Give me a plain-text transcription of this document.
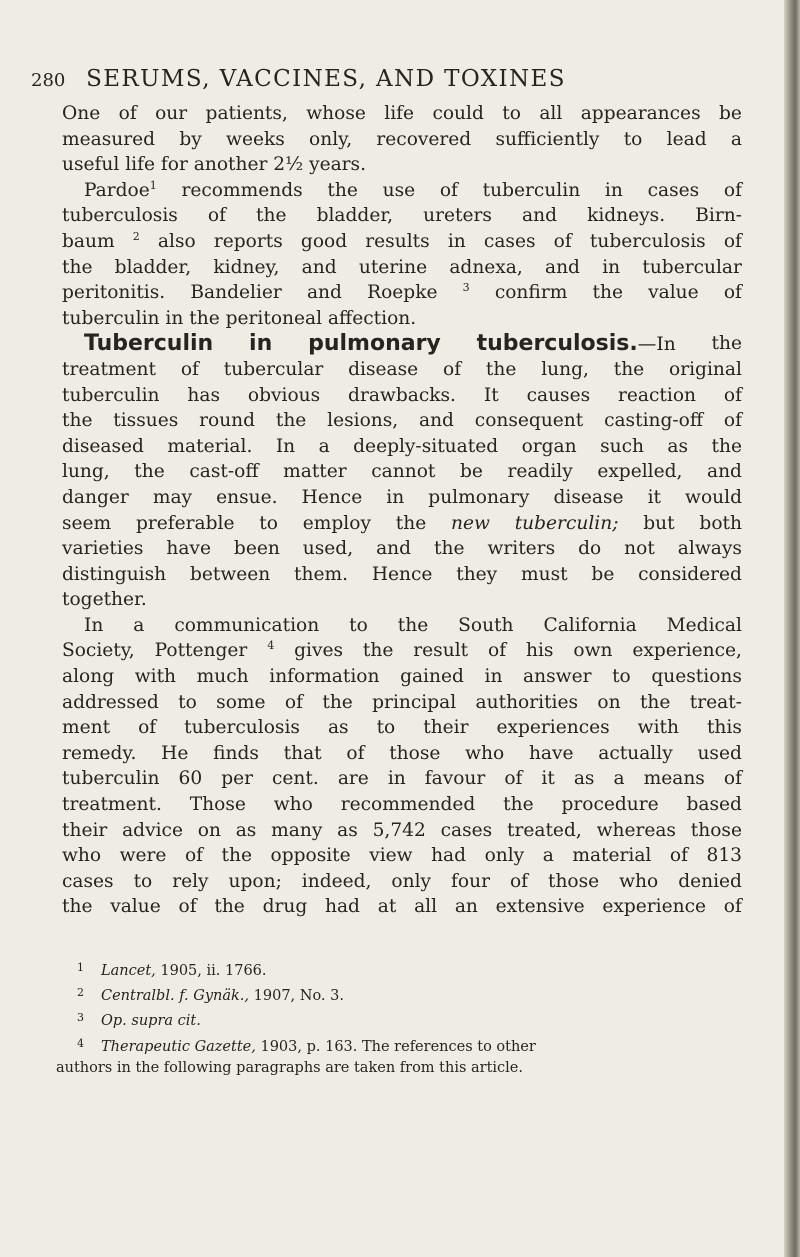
280 SERUMS, VACCINES, AND TOXINES
One of our patients, whose life could to all appearances be
measured by weeks only, recovered sufficiently to lead a
useful life for another 2½ years.
Pardoe$^1$ recommends the use of tuberculin in cases of
tuberculosis of the bladder, ureters and kidneys. Birn-
baum $^2$ also reports good results in cases of tuberculosis of
the bladder, kidney, and uterine adnexa, and in tubercular
peritonitis. Bandelier and Roepke $^3$ confirm the value of
tuberculin in the peritoneal affection.
Tuberculin in pulmonary tuberculosis.—In the
treatment of tubercular disease of the lung, the original
tuberculin has obvious drawbacks. It causes reaction of
the tissues round the lesions, and consequent casting-off of
diseased material. In a deeply-situated organ such as the
lung, the cast-off matter cannot be readily expelled, and
danger may ensue. Hence in pulmonary disease it would
seem preferable to employ the new tuberculin; but both
varieties have been used, and the writers do not always
distinguish between them. Hence they must be considered
together.
In a communication to the South California Medical
Society, Pottenger $^4$ gives the result of his own experience,
along with much information gained in answer to questions
addressed to some of the principal authorities on the treat-
ment of tuberculosis as to their experiences with this
remedy. He finds that of those who have actually used
tuberculin 60 per cent. are in favour of it as a means of
treatment. Those who recommended the procedure based
their advice on as many as 5,742 cases treated, whereas those
who were of the opposite view had only a material of 813
cases to rely upon; indeed, only four of those who denied
the value of the drug had at all an extensive experience of
1 Lancet, 1905, ii. 1766.
2 Centralbl. f. Gynäk., 1907, No. 3.
3 Op. supra cit.
4 Therapeutic Gazette, 1903, p. 163. The references to other
authors in the following paragraphs are taken from this article.
